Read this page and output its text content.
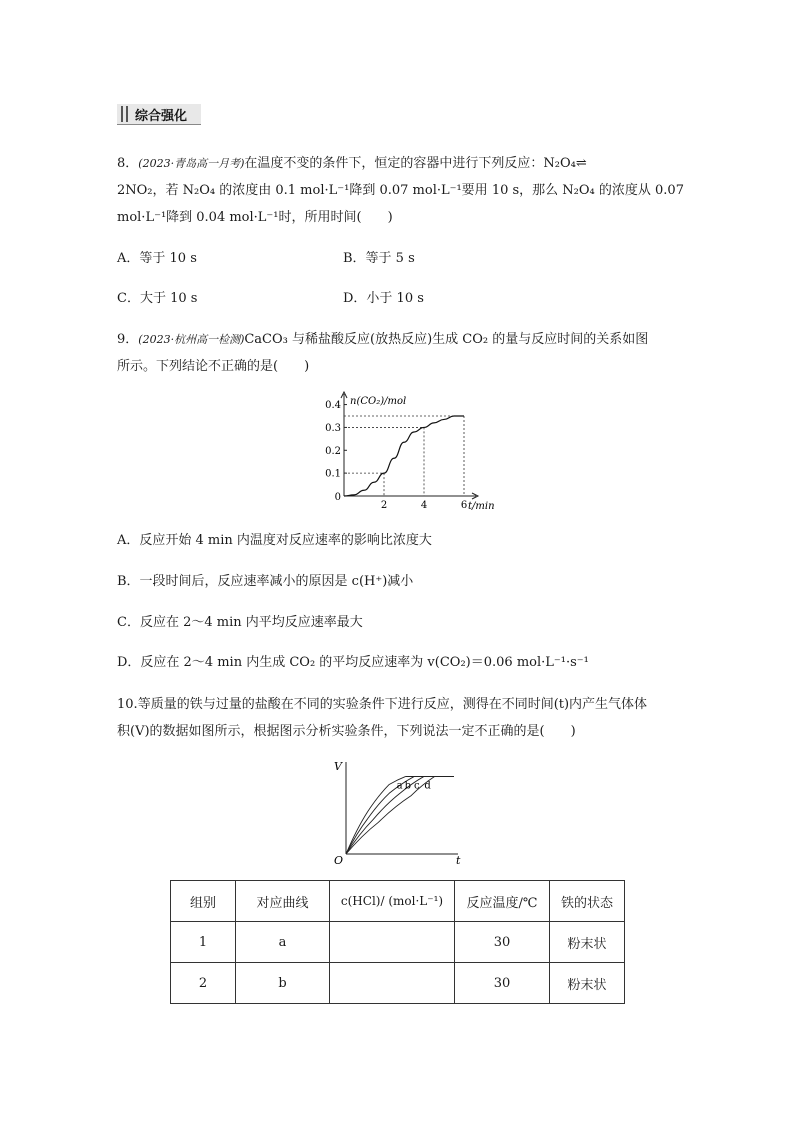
综合强化
8．(2023·青岛高一月考)在温度不变的条件下，恒定的容器中进行下列反应：N₂O₄⇌
2NO₂，若 N₂O₄ 的浓度由 0.1 mol·L⁻¹降到 0.07 mol·L⁻¹要用 10 s，那么 N₂O₄ 的浓度从 0.07
mol·L⁻¹降到 0.04 mol·L⁻¹时，所用时间(　　)
A．等于 10 s	B．等于 5 s
C．大于 10 s	D．小于 10 s
9．(2023·杭州高一检测)CaCO₃ 与稀盐酸反应(放热反应)生成 CO₂ 的量与反应时间的关系如图
所示。下列结论不正确的是(　　)
0.1
0.2
0.3
0.4
2	4	6
0
n(CO₂)/mol
t/min
A．反应开始 4 min 内温度对反应速率的影响比浓度大
B．一段时间后，反应速率减小的原因是 c(H⁺)减小
C．反应在 2～4 min 内平均反应速率最大
D．反应在 2～4 min 内生成 CO₂ 的平均反应速率为 v(CO₂)＝0.06 mol·L⁻¹·s⁻¹
10.等质量的铁与过量的盐酸在不同的实验条件下进行反应，测得在不同时间(t)内产生气体体
积(V)的数据如图所示，根据图示分析实验条件，下列说法一定不正确的是(　　)
V
t
O
a b c d
组别	对应曲线	c(HCl)/ (mol·L⁻¹)	反应温度/℃	铁的状态
1	a		30	粉末状
2	b		30	粉末状
